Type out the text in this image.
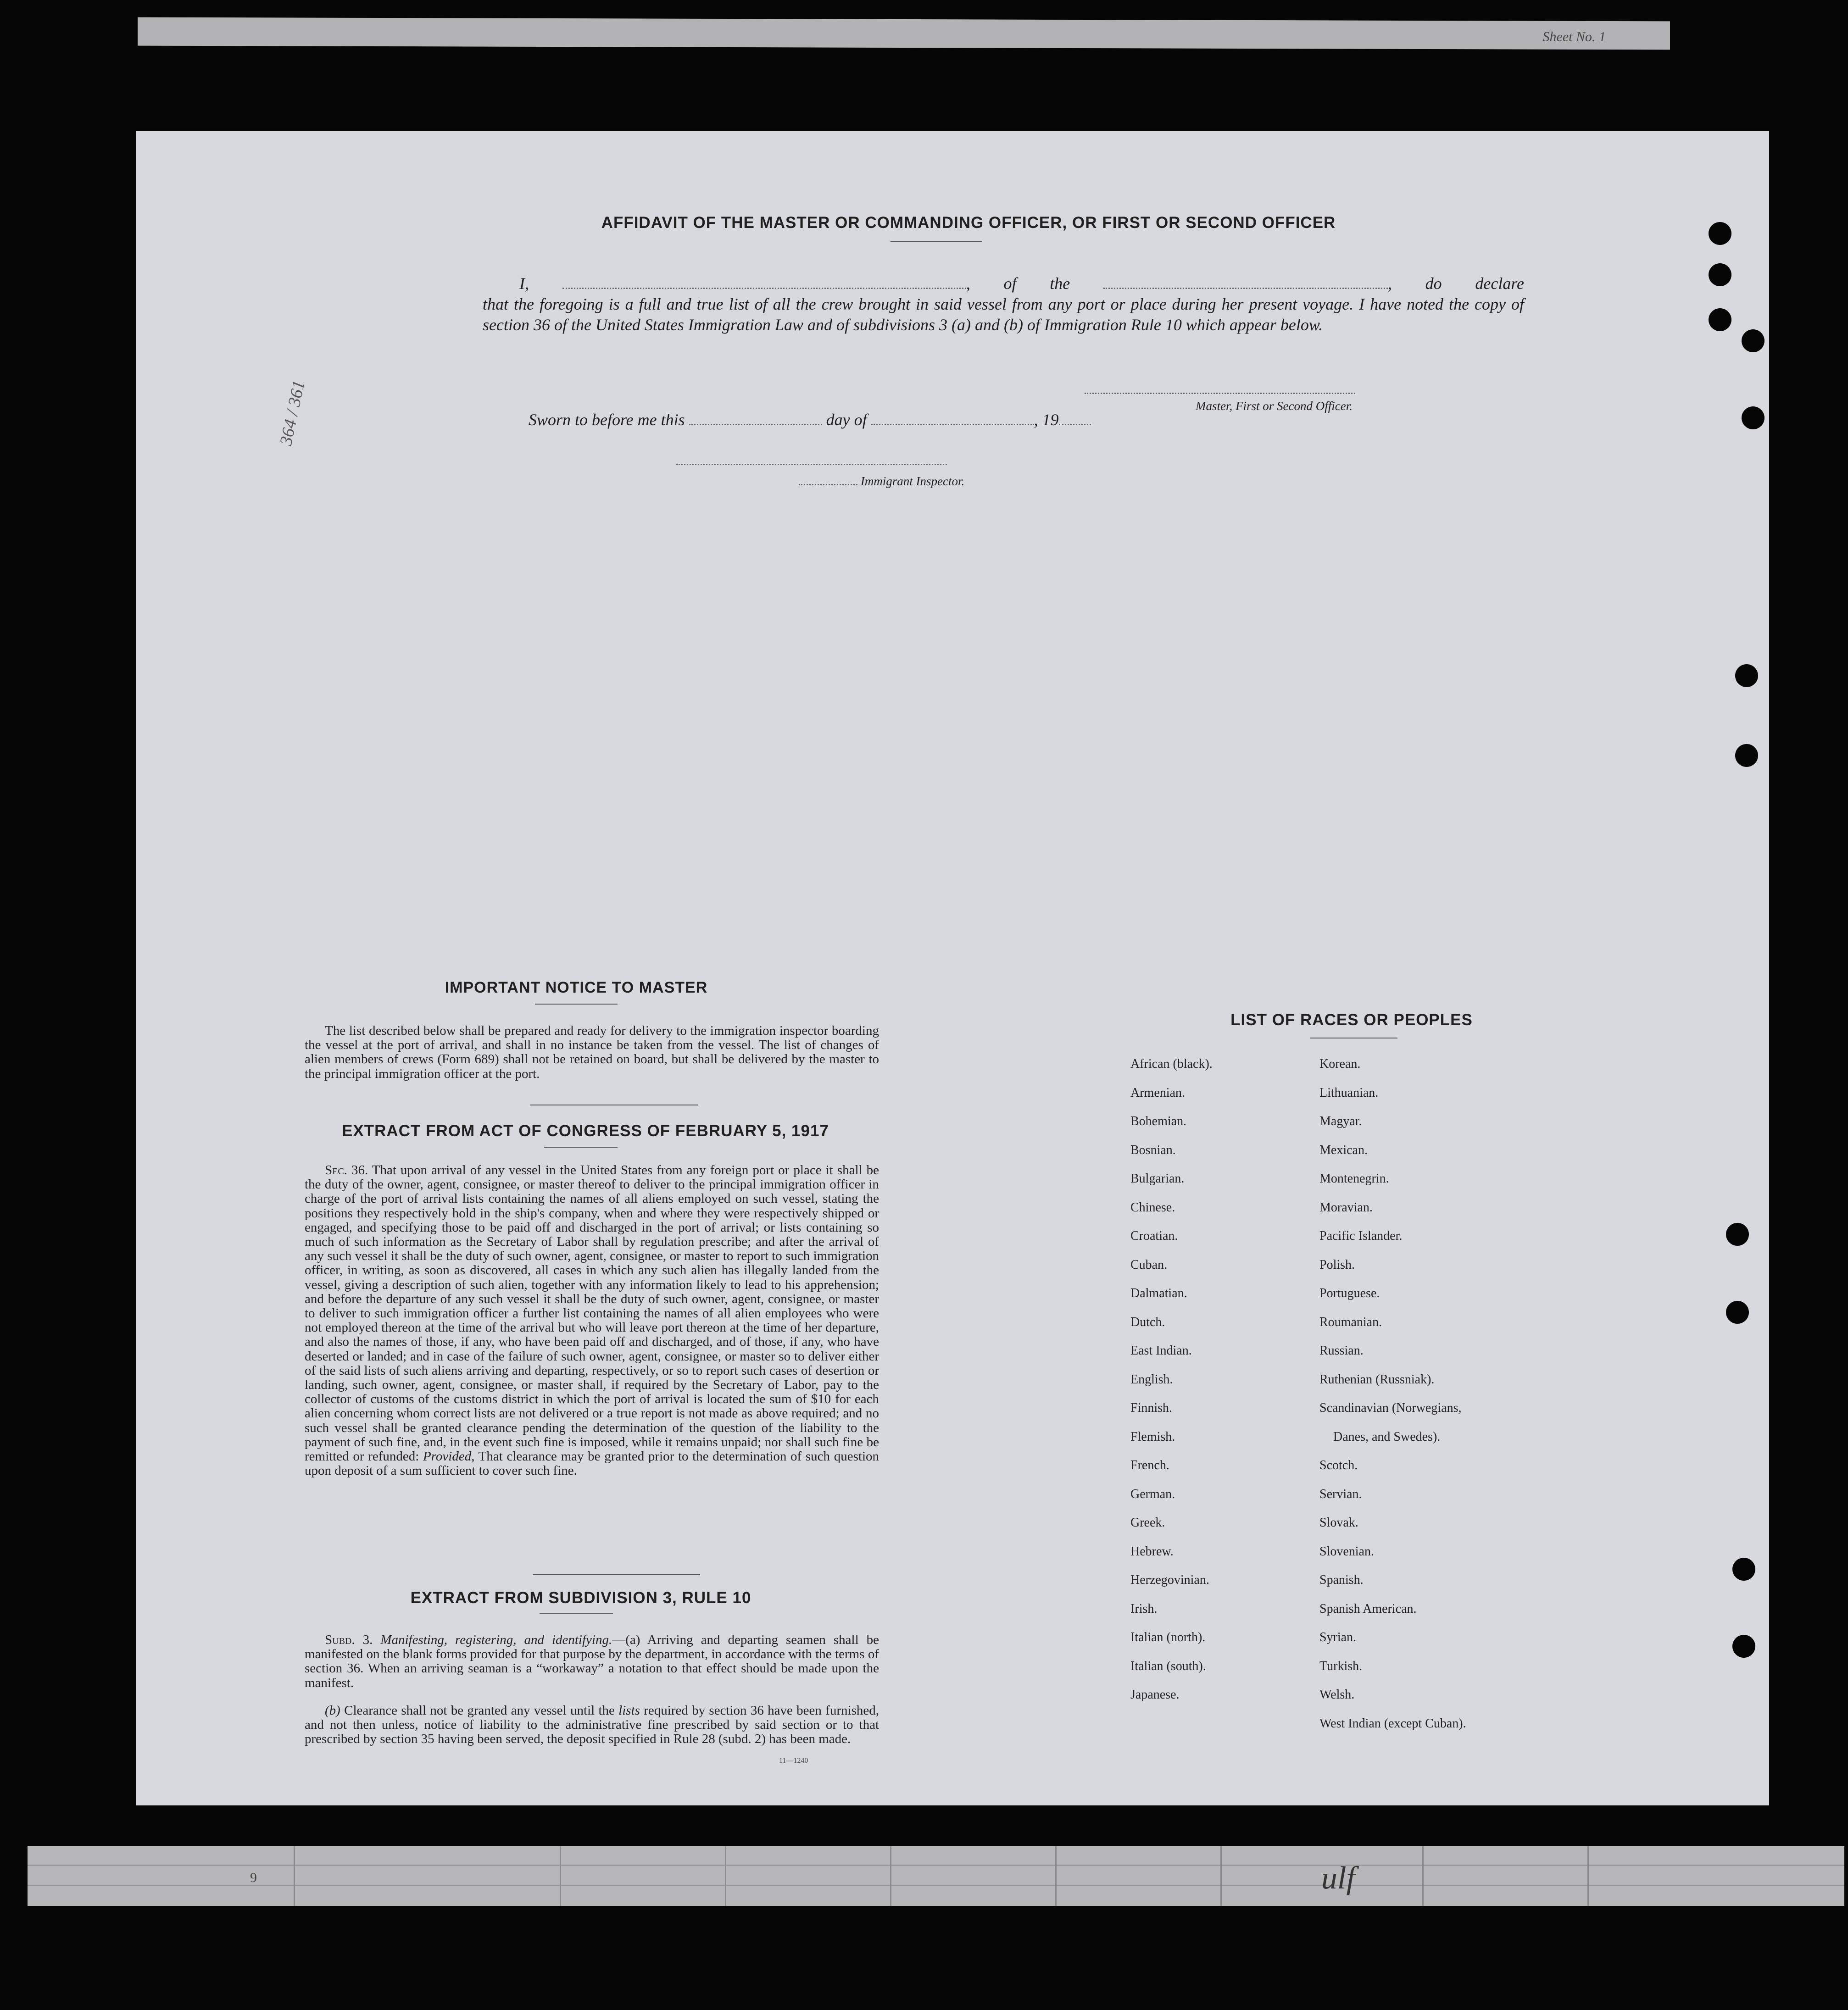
Sheet No. 1
AFFIDAVIT OF THE MASTER OR COMMANDING OFFICER, OR FIRST OR SECOND OFFICER
I,	, of the	, do declare
that the foregoing is a full and true list of all the crew brought in said vessel from any port or place during her present voyage. I have noted the copy of section 36 of the United States Immigration Law and of subdivisions 3 (a) and (b) of Immigration Rule 10 which appear below.
Master, First or Second Officer.
Sworn to before me this	day of	, 19
Immigrant Inspector.
364 / 361
IMPORTANT NOTICE TO MASTER
The list described below shall be prepared and ready for delivery to the immigration inspector boarding the vessel at the port of arrival, and shall in no instance be taken from the vessel. The list of changes of alien members of crews (Form 689) shall not be retained on board, but shall be delivered by the master to the principal immigration officer at the port.
EXTRACT FROM ACT OF CONGRESS OF FEBRUARY 5, 1917
Sec. 36. That upon arrival of any vessel in the United States from any foreign port or place it shall be the duty of the owner, agent, consignee, or master thereof to deliver to the principal immigration officer in charge of the port of arrival lists containing the names of all aliens employed on such vessel, stating the positions they respectively hold in the ship's company, when and where they were respectively shipped or engaged, and specifying those to be paid off and discharged in the port of arrival; or lists containing so much of such information as the Secretary of Labor shall by regulation prescribe; and after the arrival of any such vessel it shall be the duty of such owner, agent, consignee, or master to report to such immigration officer, in writing, as soon as discovered, all cases in which any such alien has illegally landed from the vessel, giving a description of such alien, together with any information likely to lead to his apprehension; and before the departure of any such vessel it shall be the duty of such owner, agent, consignee, or master to deliver to such immigration officer a further list containing the names of all alien employees who were not employed thereon at the time of the arrival but who will leave port thereon at the time of her departure, and also the names of those, if any, who have been paid off and discharged, and of those, if any, who have deserted or landed; and in case of the failure of such owner, agent, consignee, or master so to deliver either of the said lists of such aliens arriving and departing, respectively, or so to report such cases of desertion or landing, such owner, agent, consignee, or master shall, if required by the Secretary of Labor, pay to the collector of customs of the customs district in which the port of arrival is located the sum of $10 for each alien concerning whom correct lists are not delivered or a true report is not made as above required; and no such vessel shall be granted clearance pending the determination of the question of the liability to the payment of such fine, and, in the event such fine is imposed, while it remains unpaid; nor shall such fine be remitted or refunded: Provided, That clearance may be granted prior to the determination of such question upon deposit of a sum sufficient to cover such fine.
EXTRACT FROM SUBDIVISION 3, RULE 10
Subd. 3. Manifesting, registering, and identifying.—(a) Arriving and departing seamen shall be manifested on the blank forms provided for that purpose by the department, in accordance with the terms of section 36. When an arriving seaman is a “workaway” a notation to that effect should be made upon the manifest.
(b) Clearance shall not be granted any vessel until the lists required by section 36 have been furnished, and not then unless, notice of liability to the administrative fine prescribed by said section or to that prescribed by section 35 having been served, the deposit specified in Rule 28 (subd. 2) has been made.
11—1240
LIST OF RACES OR PEOPLES
African (black).
Armenian.
Bohemian.
Bosnian.
Bulgarian.
Chinese.
Croatian.
Cuban.
Dalmatian.
Dutch.
East Indian.
English.
Finnish.
Flemish.
French.
German.
Greek.
Hebrew.
Herzegovinian.
Irish.
Italian (north).
Italian (south).
Japanese.
Korean.
Lithuanian.
Magyar.
Mexican.
Montenegrin.
Moravian.
Pacific Islander.
Polish.
Portuguese.
Roumanian.
Russian.
Ruthenian (Russniak).
Scandinavian (Norwegians,
Danes, and Swedes).
Scotch.
Servian.
Slovak.
Slovenian.
Spanish.
Spanish American.
Syrian.
Turkish.
Welsh.
West Indian (except Cuban).
9	ulf
